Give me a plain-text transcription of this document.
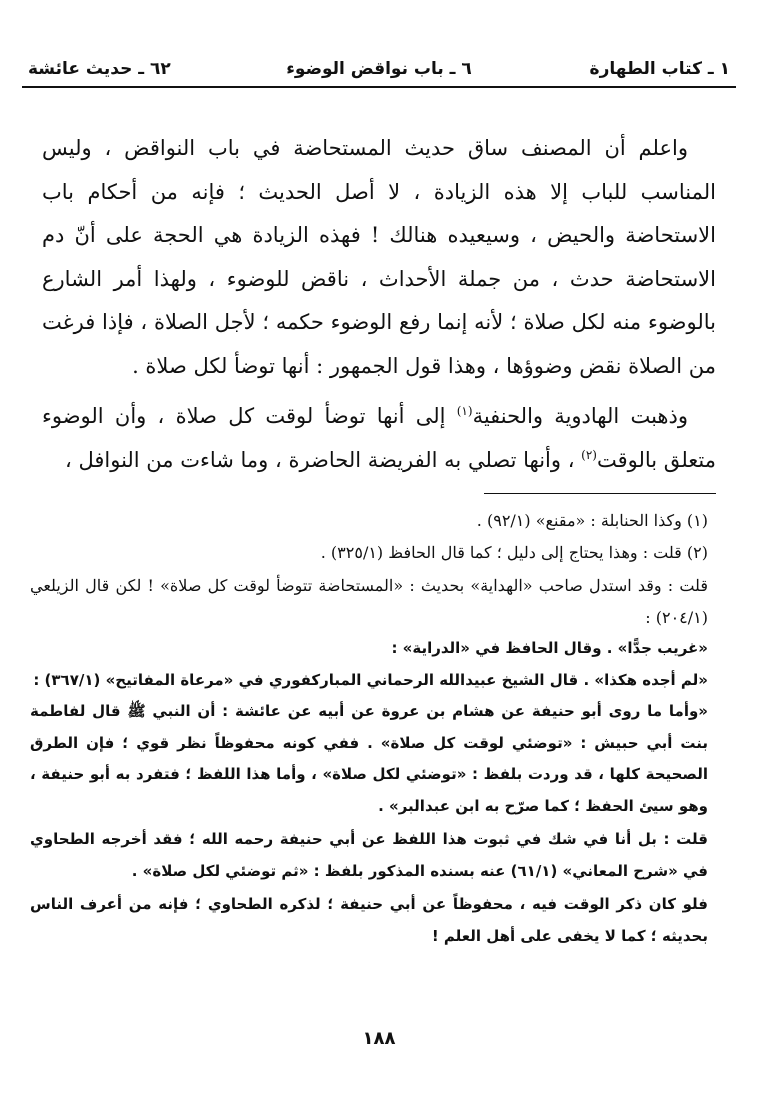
١ ـ كتاب الطهارة
٦ ـ باب نواقض الوضوء
٦٢ ـ حديث عائشة

واعلم أن المصنف ساق حديث المستحاضة في باب النواقض ، وليس المناسب للباب إلا هذه الزيادة ، لا أصل الحديث ؛ فإنه من أحكام باب الاستحاضة والحيض ، وسيعيده هنالك ! فهذه الزيادة هي الحجة على أنّ دم الاستحاضة حدث ، من جملة الأحداث ، ناقض للوضوء ، ولهذا أمر الشارع بالوضوء منه لكل صلاة ؛ لأنه إنما رفع الوضوء حكمه ؛ لأجل الصلاة ، فإذا فرغت من الصلاة نقض وضوؤها ، وهذا قول الجمهور : أنها توضأ لكل صلاة .

وذهبت الهادوية والحنفية$^{(١)}$ إلى أنها توضأ لوقت كل صلاة ، وأن الوضوء متعلق بالوقت$^{(٢)}$ ، وأنها تصلي به الفريضة الحاضرة ، وما شاءت من النوافل ،

(١) وكذا الحنابلة : «مقنع» (٩٢/١) .

(٢) قلت : وهذا يحتاج إلى دليل ؛ كما قال الحافظ (٣٢٥/١) .

قلت : وقد استدل صاحب «الهداية» بحديث : «المستحاضة تتوضأ لوقت كل صلاة» ! لكن قال الزيلعي (٢٠٤/١) :

«غريب جدًّا» . وقال الحافظ في «الدراية» :

«لم أجده هكذا» . قال الشيخ عبيدالله الرحماني المباركفوري في «مرعاة المفاتيح» (٣٦٧/١) :

«وأما ما روى أبو حنيفة عن هشام بن عروة عن أبيه عن عائشة : أن النبي ﷺ قال لفاطمة بنت أبي حبيش : «توضئي لوقت كل صلاة» . ففي كونه محفوظاً نظر قوي ؛ فإن الطرق الصحيحة كلها ، قد وردت بلفظ : «توضئي لكل صلاة» ، وأما هذا اللفظ ؛ فتفرد به أبو حنيفة ، وهو سيئ الحفظ ؛ كما صرّح به ابن عبدالبر» .

قلت : بل أنا في شك في ثبوت هذا اللفظ عن أبي حنيفة رحمه الله ؛ فقد أخرجه الطحاوي في «شرح المعاني» (٦١/١) عنه بسنده المذكور بلفظ : «ثم توضئي لكل صلاة» .

فلو كان ذكر الوقت فيه ، محفوظاً عن أبي حنيفة ؛ لذكره الطحاوي ؛ فإنه من أعرف الناس بحديثه ؛ كما لا يخفى على أهل العلم !

١٨٨
